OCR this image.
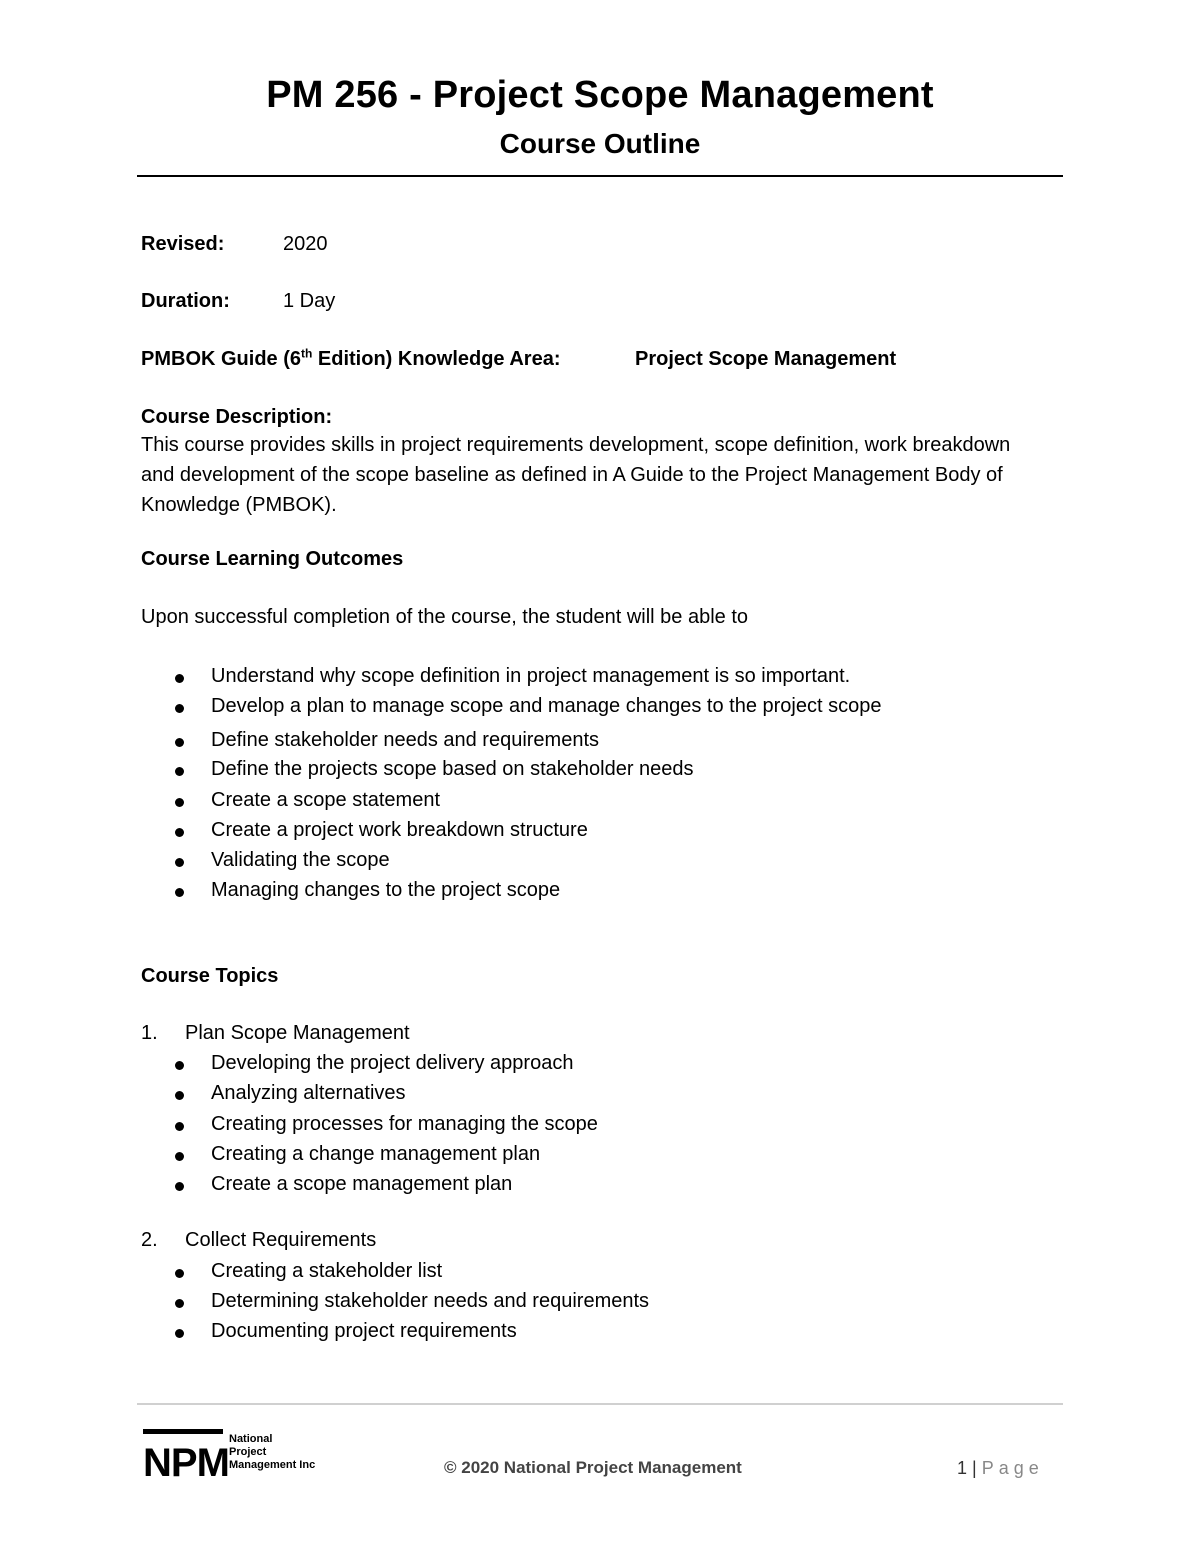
PM 256 - Project Scope Management
Course Outline
Revised:	2020
Duration:	1 Day
PMBOK Guide (6th Edition) Knowledge Area:	Project Scope Management
Course Description:
This course provides skills in project requirements development, scope definition, work breakdown and development of the scope baseline as defined in A Guide to the Project Management Body of Knowledge (PMBOK).
Course Learning Outcomes
Upon successful completion of the course, the student will be able to
Understand why scope definition in project management is so important.
Develop a plan to manage scope and manage changes to the project scope
Define stakeholder needs and requirements
Define the projects scope based on stakeholder needs
Create a scope statement
Create a project work breakdown structure
Validating the scope
Managing changes to the project scope
Course Topics
1. Plan Scope Management
Developing the project delivery approach
Analyzing alternatives
Creating processes for managing the scope
Creating a change management plan
Create a scope management plan
2. Collect Requirements
Creating a stakeholder list
Determining stakeholder needs and requirements
Documenting project requirements
NPM
National
Project
Management Inc	© 2020 National Project Management	1 | Page
